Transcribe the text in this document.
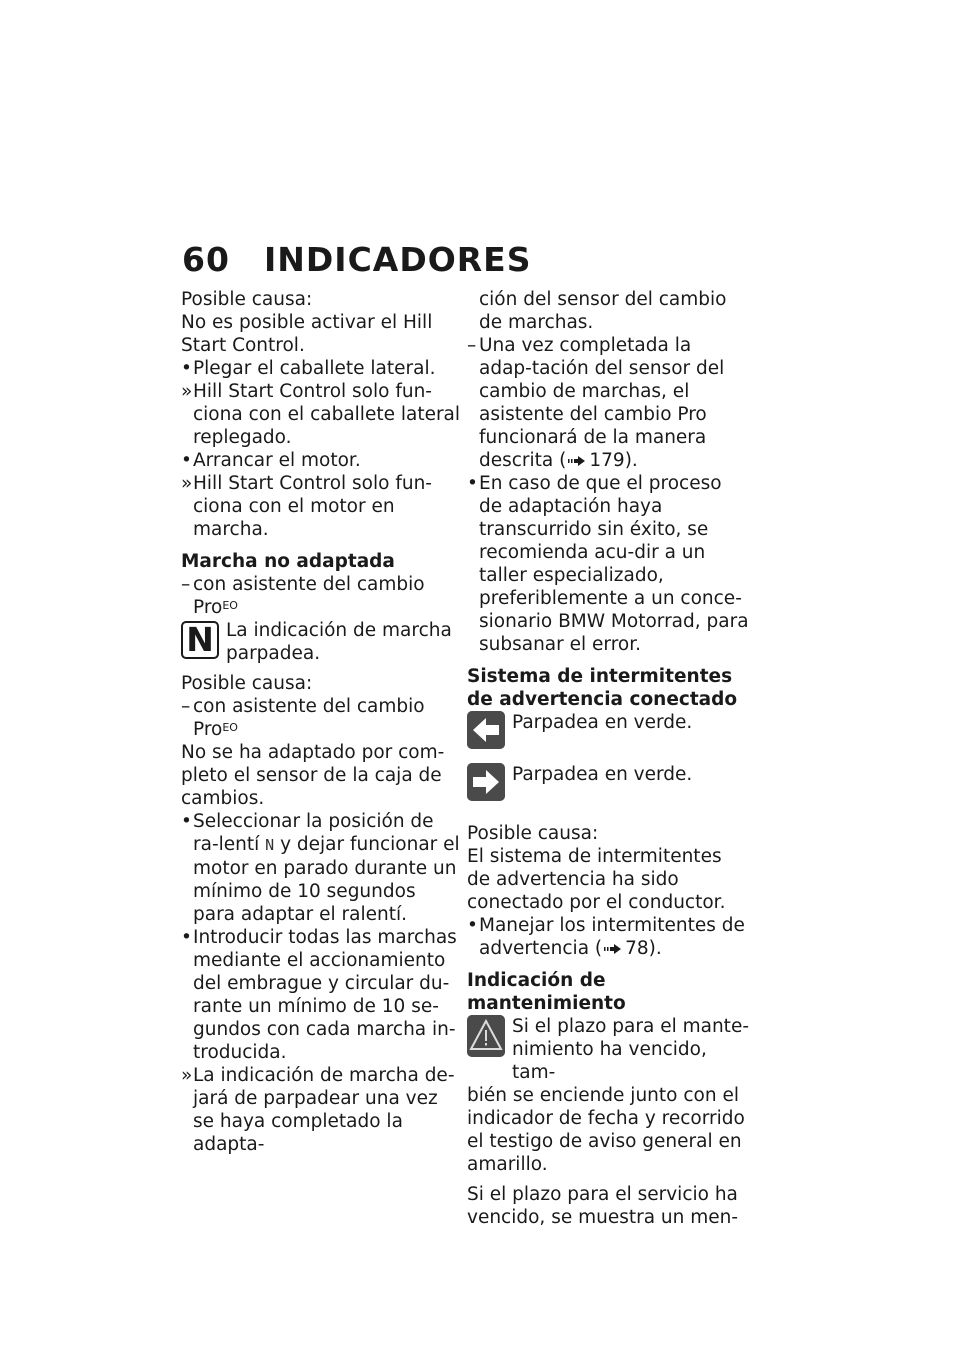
60 INDICADORES

Posible causa:

No es posible activar el Hill Start Control.

• Plegar el caballete lateral.

» Hill Start Control solo fun-ciona con el caballete lateral replegado.

• Arrancar el motor.

» Hill Start Control solo fun-ciona con el motor en marcha.

Marcha no adaptada

– con asistente del cambio Pro$^{EO}$

N La indicación de marcha parpadea.

Posible causa:

– con asistente del cambio Pro$^{EO}$

No se ha adaptado por com-pleto el sensor de la caja de cambios.

• Seleccionar la posición de ra-lentí N y dejar funcionar el motor en parado durante un mínimo de 10 segundos para adaptar el ralentí.

• Introducir todas las marchas mediante el accionamiento del embrague y circular du-rante un mínimo de 10 se-gundos con cada marcha in-troducida.

» La indicación de marcha de-jará de parpadear una vez se haya completado la adapta-

ción del sensor del cambio de marchas.

– Una vez completada la adap-tación del sensor del cambio de marchas, el asistente del cambio Pro funcionará de la manera descrita ( 179).

• En caso de que el proceso de adaptación haya transcurrido sin éxito, se recomienda acu-dir a un taller especializado, preferiblemente a un conce-sionario BMW Motorrad, para subsanar el error.

Sistema de intermitentes de advertencia conectado

Parpadea en verde.

Parpadea en verde.

Posible causa:

El sistema de intermitentes de advertencia ha sido conectado por el conductor.

• Manejar los intermitentes de advertencia ( 78).

Indicación de mantenimiento

Si el plazo para el mante-nimiento ha vencido, tam-

bién se enciende junto con el indicador de fecha y recorrido el testigo de aviso general en amarillo.

Si el plazo para el servicio ha vencido, se muestra un men-
